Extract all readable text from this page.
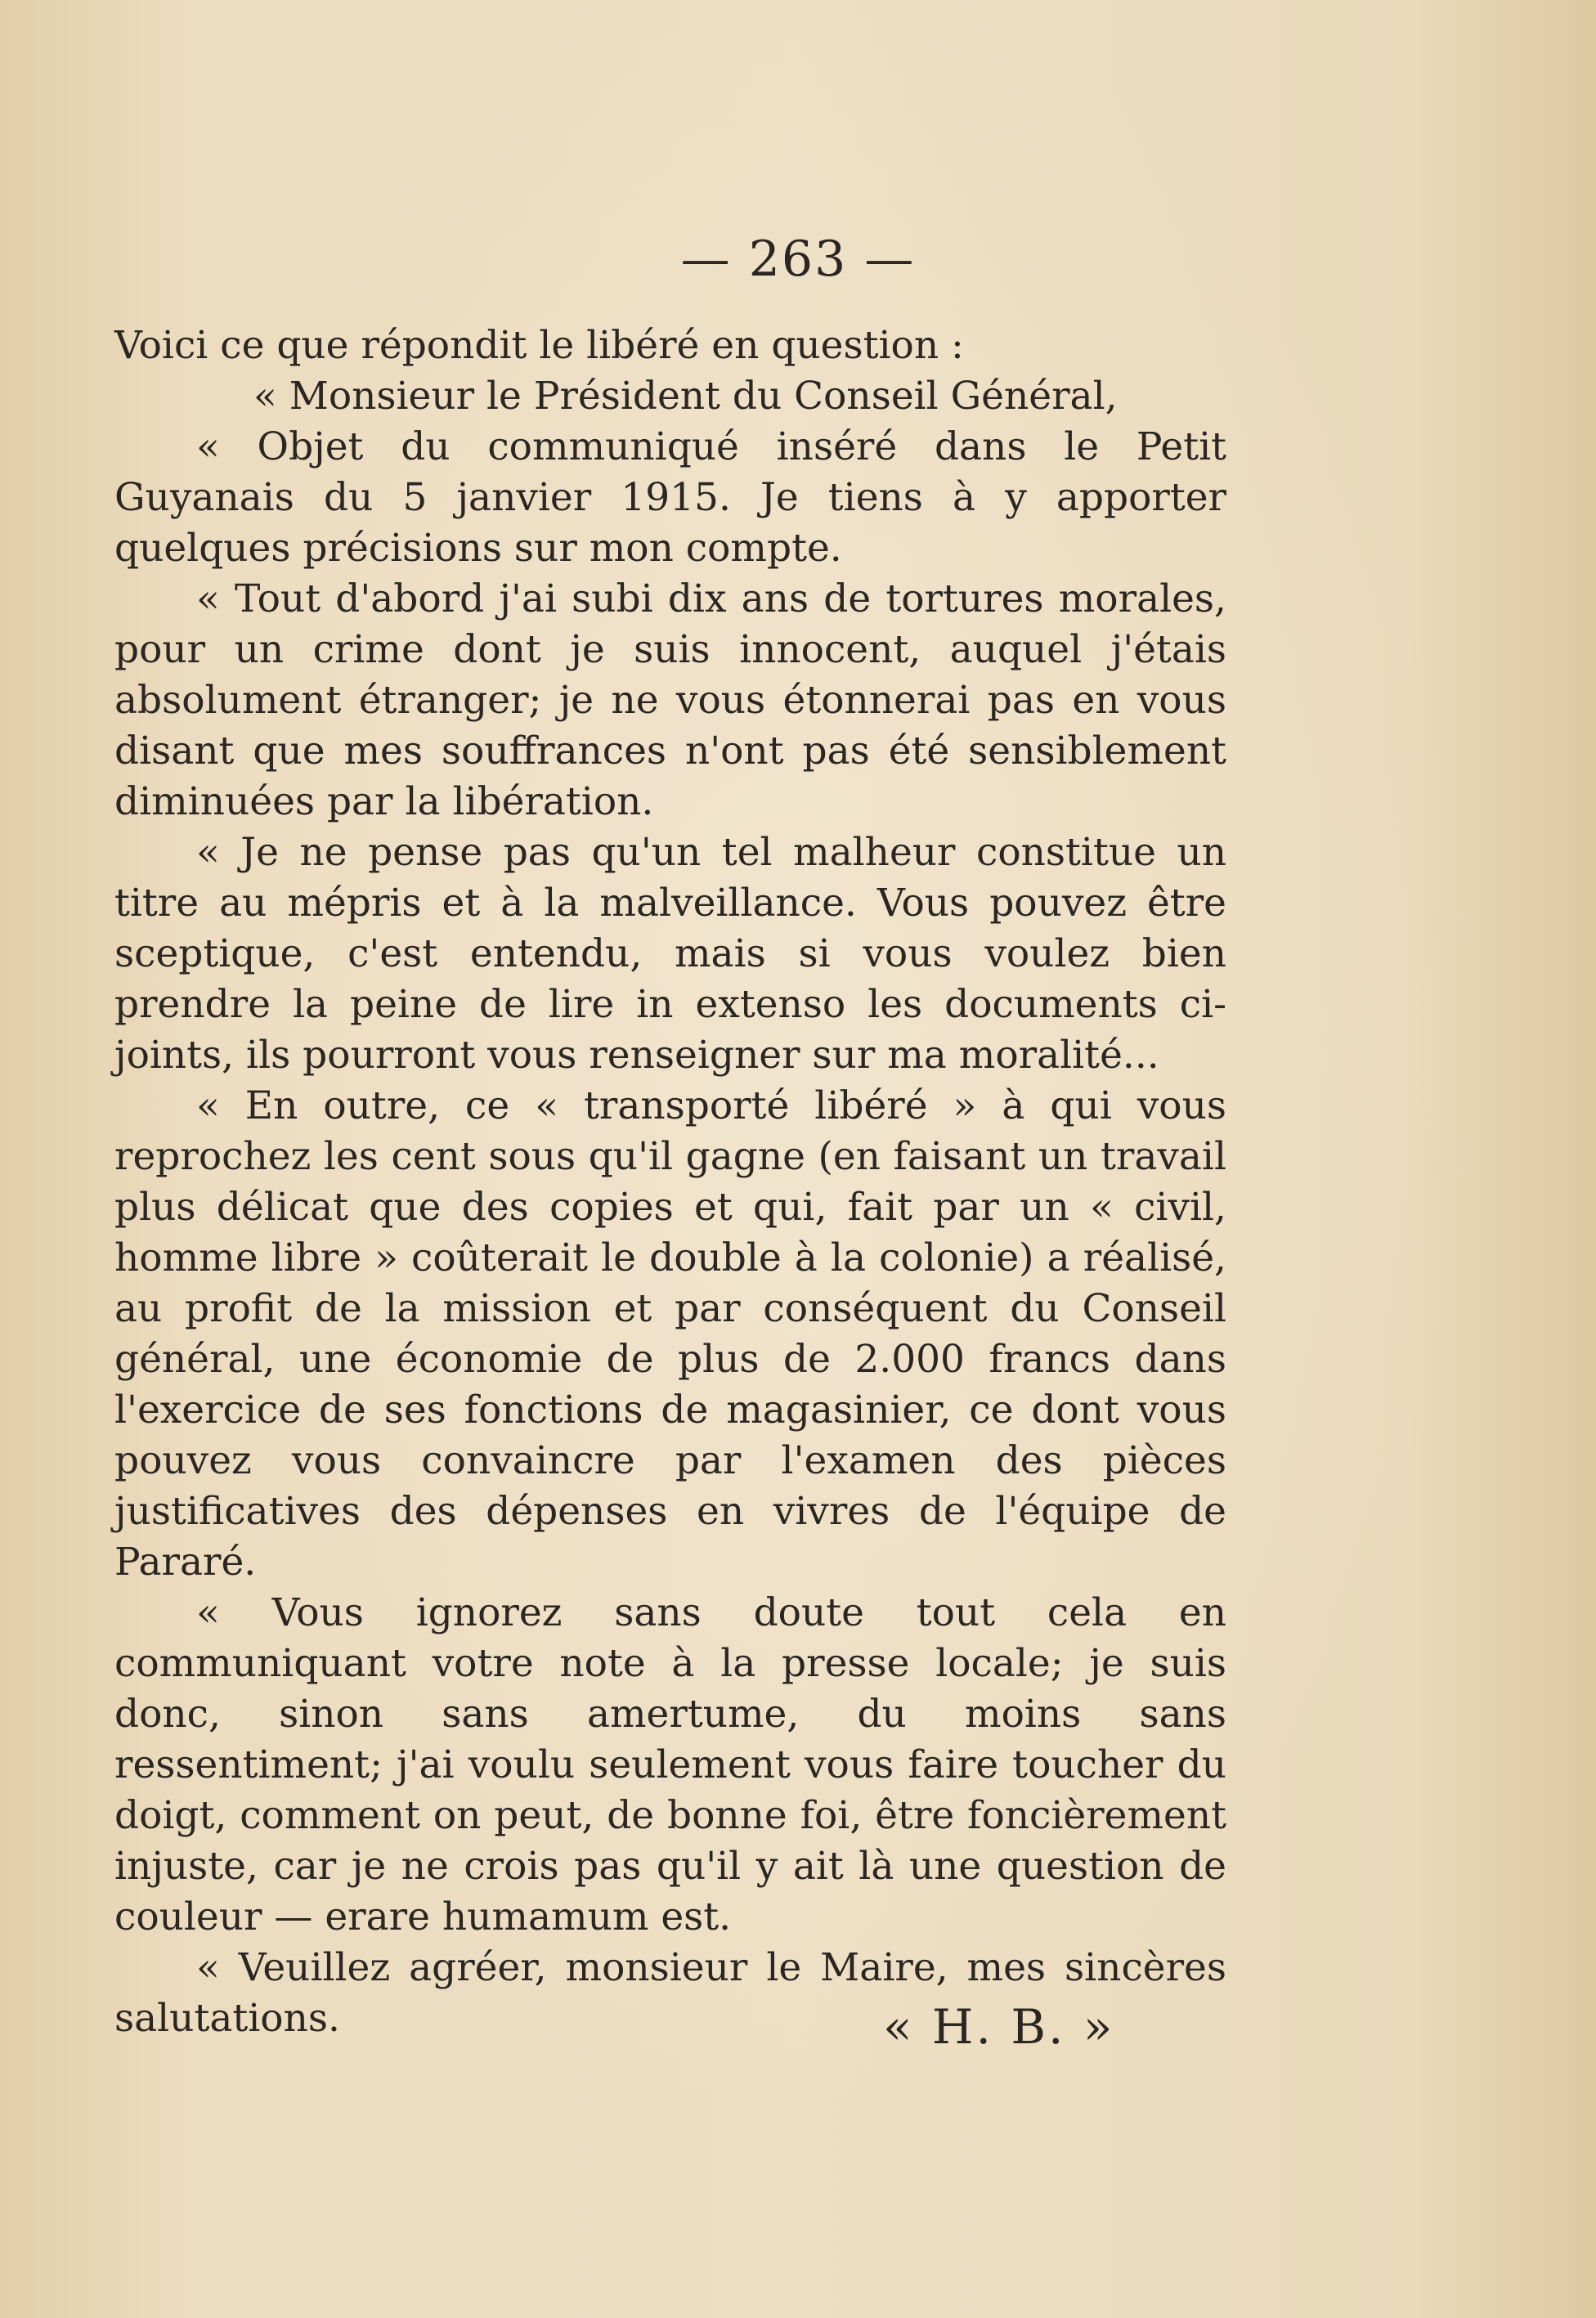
— 263 —

Voici ce que répondit le libéré en question :

« Monsieur le Président du Conseil Général,

« Objet du communiqué inséré dans le Petit Guyanais du 5 janvier 1915. Je tiens à y apporter quelques précisions sur mon compte.

« Tout d'abord j'ai subi dix ans de tortures morales, pour un crime dont je suis innocent, auquel j'étais absolument étranger; je ne vous étonnerai pas en vous disant que mes souffrances n'ont pas été sensiblement diminuées par la libération.

« Je ne pense pas qu'un tel malheur constitue un titre au mépris et à la malveillance. Vous pouvez être sceptique, c'est entendu, mais si vous voulez bien prendre la peine de lire in extenso les documents ci-joints, ils pourront vous renseigner sur ma moralité...

« En outre, ce « transporté libéré » à qui vous reprochez les cent sous qu'il gagne (en faisant un travail plus délicat que des copies et qui, fait par un « civil, homme libre » coûterait le double à la colonie) a réalisé, au profit de la mission et par conséquent du Conseil général, une économie de plus de 2.000 francs dans l'exercice de ses fonctions de magasinier, ce dont vous pouvez vous convaincre par l'examen des pièces justificatives des dépenses en vivres de l'équipe de Pararé.

« Vous ignorez sans doute tout cela en communiquant votre note à la presse locale; je suis donc, sinon sans amertume, du moins sans ressentiment; j'ai voulu seulement vous faire toucher du doigt, comment on peut, de bonne foi, être foncièrement injuste, car je ne crois pas qu'il y ait là une question de couleur — erare humamum est.

« Veuillez agréer, monsieur le Maire, mes sincères salutations.	« H. B. »
